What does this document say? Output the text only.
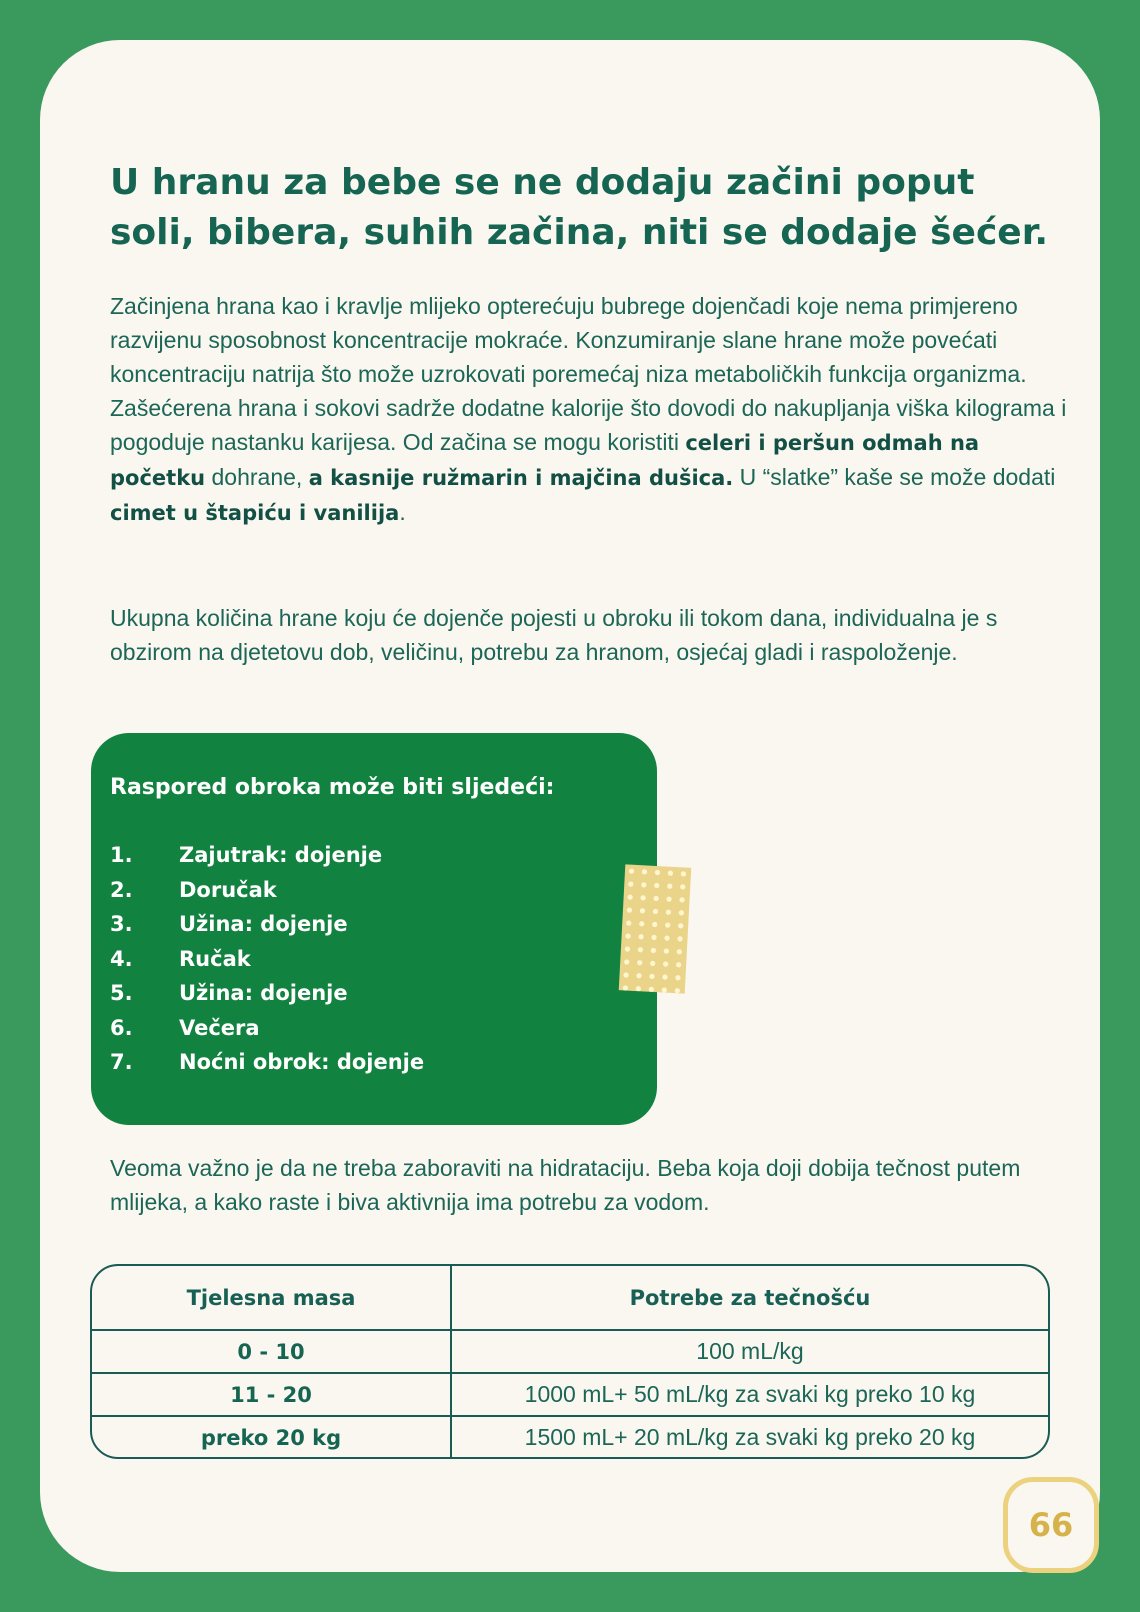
U hranu za bebe se ne dodaju začini poput soli, bibera, suhih začina, niti se dodaje šećer.

Začinjena hrana kao i kravlje mlijeko opterećuju bubrege dojenčadi koje nema primjereno razvijenu sposobnost koncentracije mokraće. Konzumiranje slane hrane može povećati koncentraciju natrija što može uzrokovati poremećaj niza metaboličkih funkcija organizma. Zašećerena hrana i sokovi sadrže dodatne kalorije što dovodi do nakupljanja viška kilograma i pogoduje nastanku karijesa. Od začina se mogu koristiti celeri i peršun odmah na početku dohrane, a kasnije ružmarin i majčina dušica. U “slatke” kaše se može dodati cimet u štapiću i vanilija.

Ukupna količina hrane koju će dojenče pojesti u obroku ili tokom dana, individualna je s obzirom na djetetovu dob, veličinu, potrebu za hranom, osjećaj gladi i raspoloženje.

Raspored obroka može biti sljedeći:
1.	Zajutrak: dojenje
2.	Doručak
3.	Užina: dojenje
4.	Ručak
5.	Užina: dojenje
6.	Večera
7.	Noćni obrok: dojenje

Veoma važno je da ne treba zaboraviti na hidrataciju. Beba koja doji dobija tečnost putem mlijeka, a kako raste i biva aktivnija ima potrebu za vodom.

Tjelesna masa	Potrebe za tečnošću
0 - 10	100 mL/kg
11 - 20	1000 mL+ 50 mL/kg za svaki kg preko 10 kg
preko 20 kg	1500 mL+ 20 mL/kg za svaki kg preko 20 kg
66
